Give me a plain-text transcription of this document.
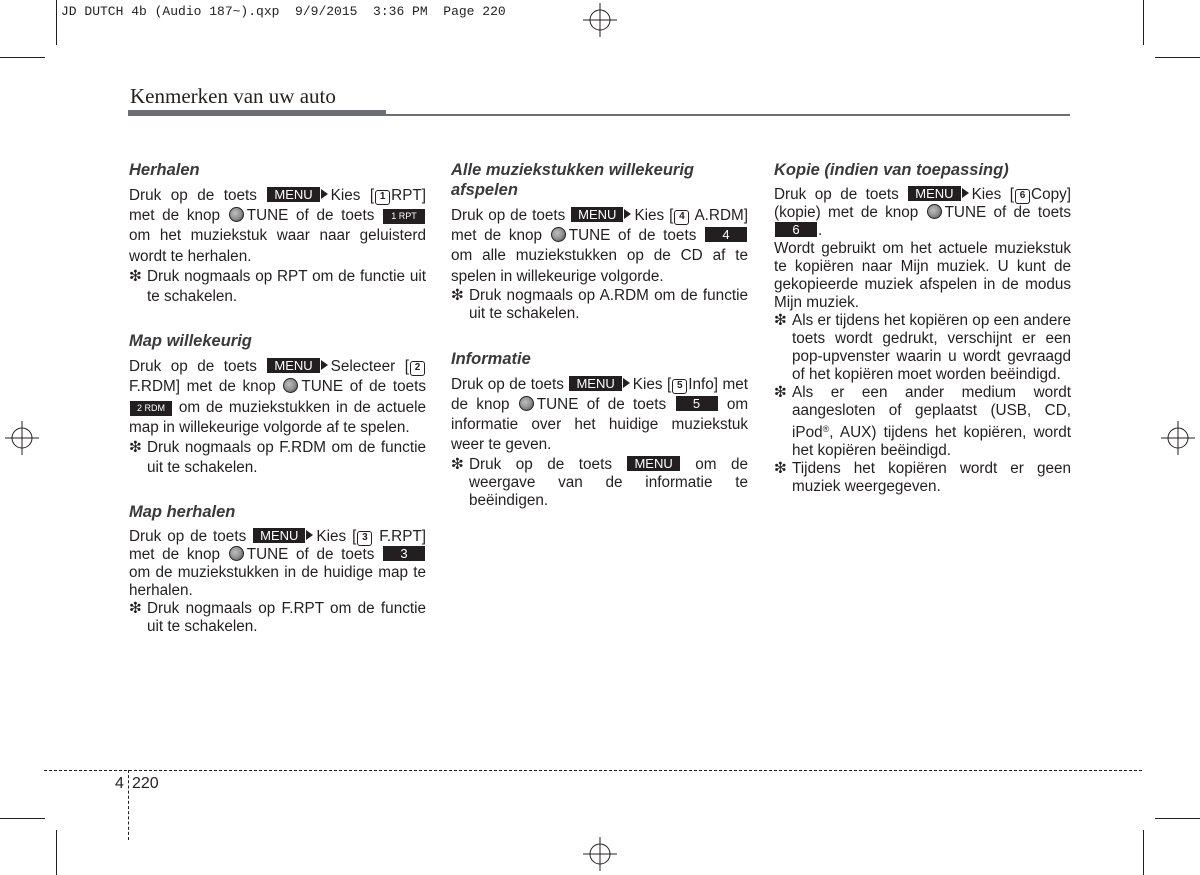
JD DUTCH 4b (Audio 187~).qxp  9/9/2015  3:36 PM  Page 220
Kenmerken van uw auto
Herhalen

Druk op de toets MENU Kies [ 1 RPT] met de knop TUNE of de toets 1 RPT om het muziekstuk waar naar geluisterd wordt te herhalen.

❇ Druk nogmaals op RPT om de functie uit te schakelen.

Map willekeurig

Druk op de toets MENU Selecteer [ 2 F.RDM] met de knop TUNE of de toets 2 RDM om de muziekstukken in de actuele map in willekeurige volgorde af te spelen.

❇ Druk nogmaals op F.RDM om de functie uit te schakelen.

Map herhalen

Druk op de toets MENU Kies [ 3 F.RPT] met de knop TUNE of de toets 3 om de muziekstukken in de huidige map te herhalen.

❇ Druk nogmaals op F.RPT om de functie uit te schakelen.

Alle muziekstukken willekeurig afspelen

Druk op de toets MENU Kies [ 4 A.RDM] met de knop TUNE of de toets 4 om alle muziekstukken op de CD af te spelen in willekeurige volgorde.

❇ Druk nogmaals op A.RDM om de functie uit te schakelen.

Informatie

Druk op de toets MENU Kies [ 5 Info] met de knop TUNE of de toets 5 om informatie over het huidige muziekstuk weer te geven.

❇ Druk op de toets MENU om de weergave van de informatie te beëindigen.

Kopie (indien van toepassing)

Druk op de toets MENU Kies [ 6 Copy] (kopie) met de knop TUNE of de toets 6 .

Wordt gebruikt om het actuele muziekstuk te kopiëren naar Mijn muziek. U kunt de gekopieerde muziek afspelen in de modus Mijn muziek.

❇ Als er tijdens het kopiëren op een andere toets wordt gedrukt, verschijnt er een pop-upvenster waarin u wordt gevraagd of het kopiëren moet worden beëindigd.

❇ Als er een ander medium wordt aangesloten of geplaatst (USB, CD, iPod®, AUX) tijdens het kopiëren, wordt het kopiëren beëindigd.

❇ Tijdens het kopiëren wordt er geen muziek weergegeven.

4 220
